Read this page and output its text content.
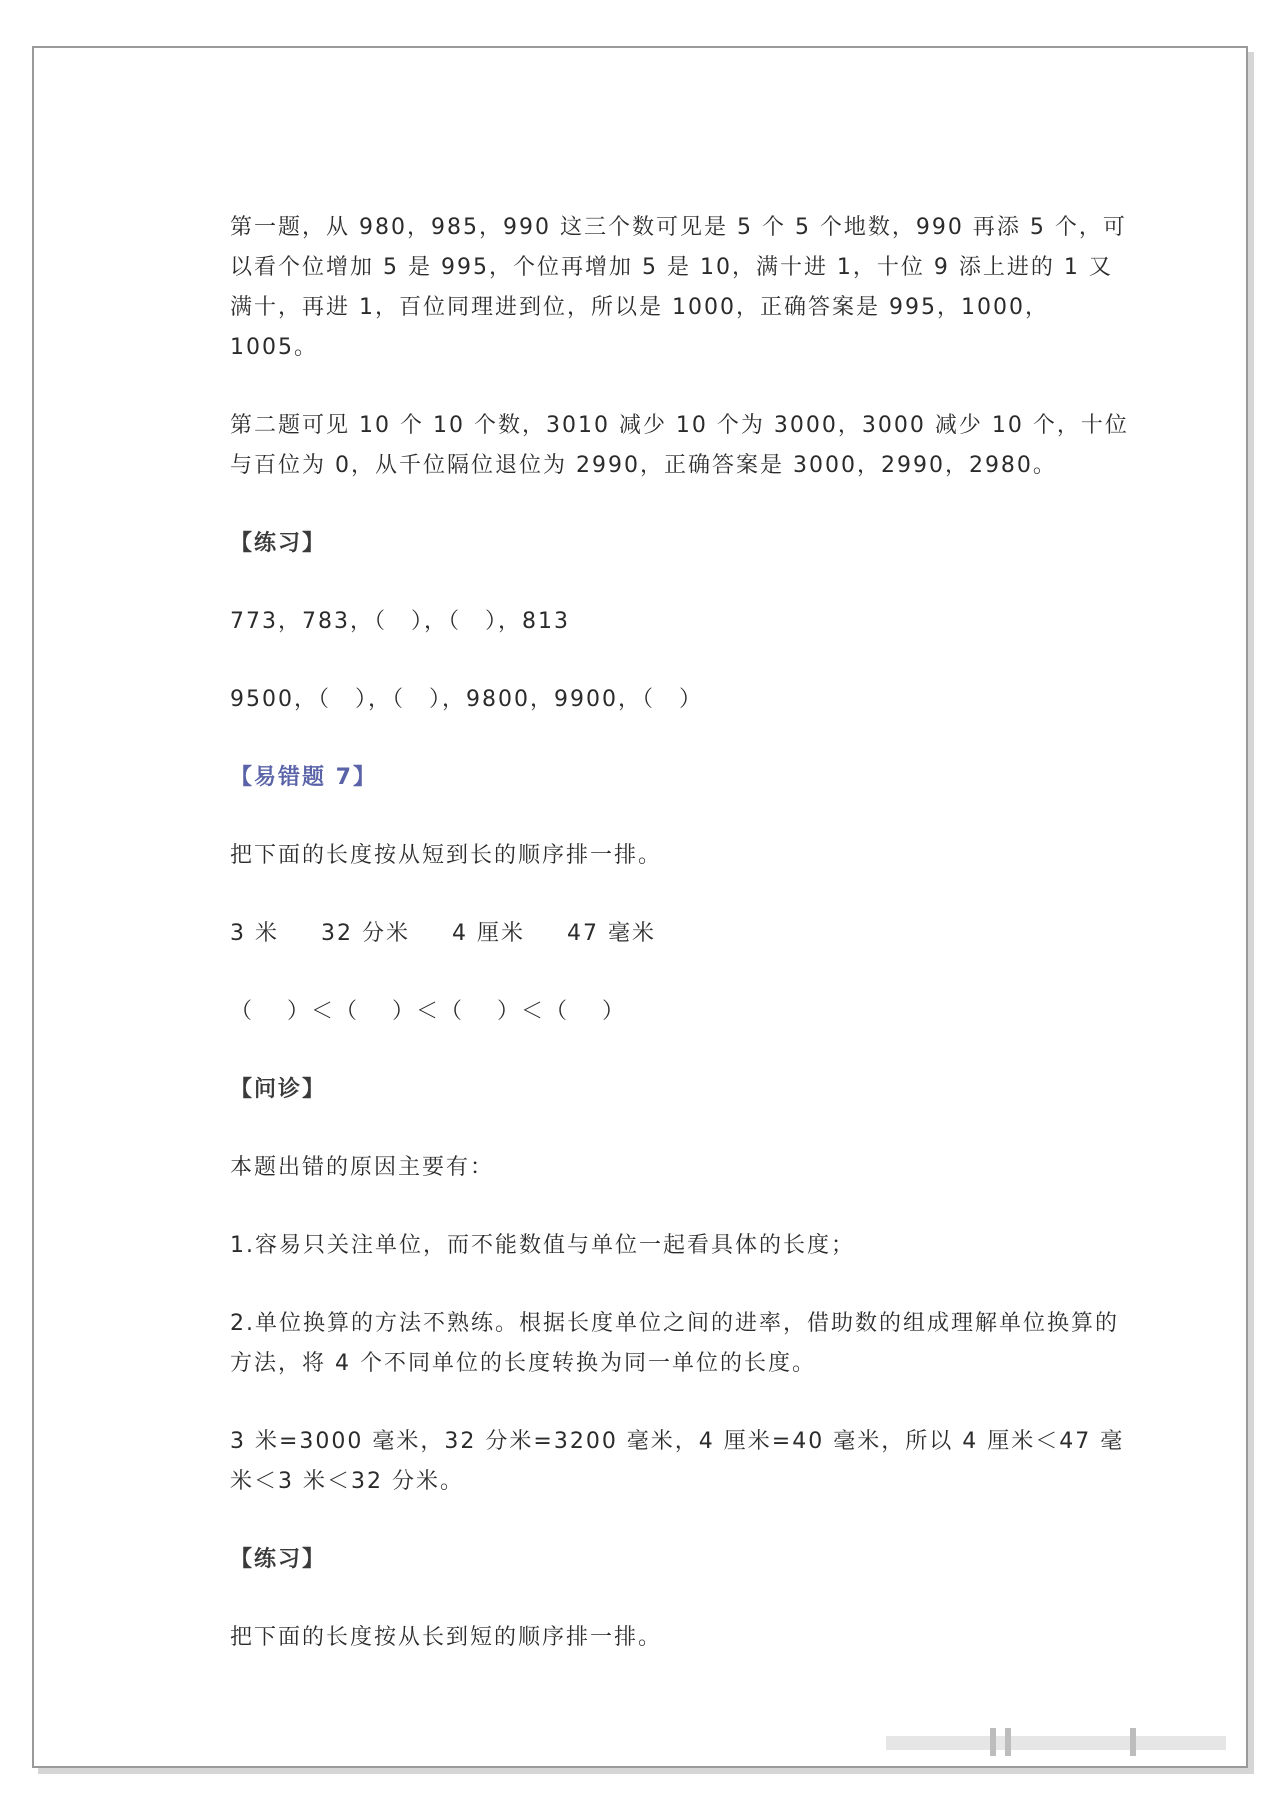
第一题，从 980，985，990 这三个数可见是 5 个 5 个地数，990 再添 5 个，可以看个位增加 5 是 995，个位再增加 5 是 10，满十进 1，十位 9 添上进的 1 又满十，再进 1，百位同理进到位，所以是 1000，正确答案是 995，1000，1005。

第二题可见 10 个 10 个数，3010 减少 10 个为 3000，3000 减少 10 个，十位与百位为 0，从千位隔位退位为 2990，正确答案是 3000，2990，2980。

【练习】

773，783，（　），（　），813

9500，（　），（　），9800，9900，（　）

【易错题 7】

把下面的长度按从短到长的顺序排一排。

3 米 32 分米 4 厘米 47 毫米

（　 ）＜（　 ）＜（　 ）＜（　 ）

【问诊】

本题出错的原因主要有：

1.容易只关注单位，而不能数值与单位一起看具体的长度；

2.单位换算的方法不熟练。根据长度单位之间的进率，借助数的组成理解单位换算的方法，将 4 个不同单位的长度转换为同一单位的长度。

3 米=3000 毫米，32 分米=3200 毫米，4 厘米=40 毫米，所以 4 厘米＜47 毫米＜3 米＜32 分米。

【练习】

把下面的长度按从长到短的顺序排一排。
